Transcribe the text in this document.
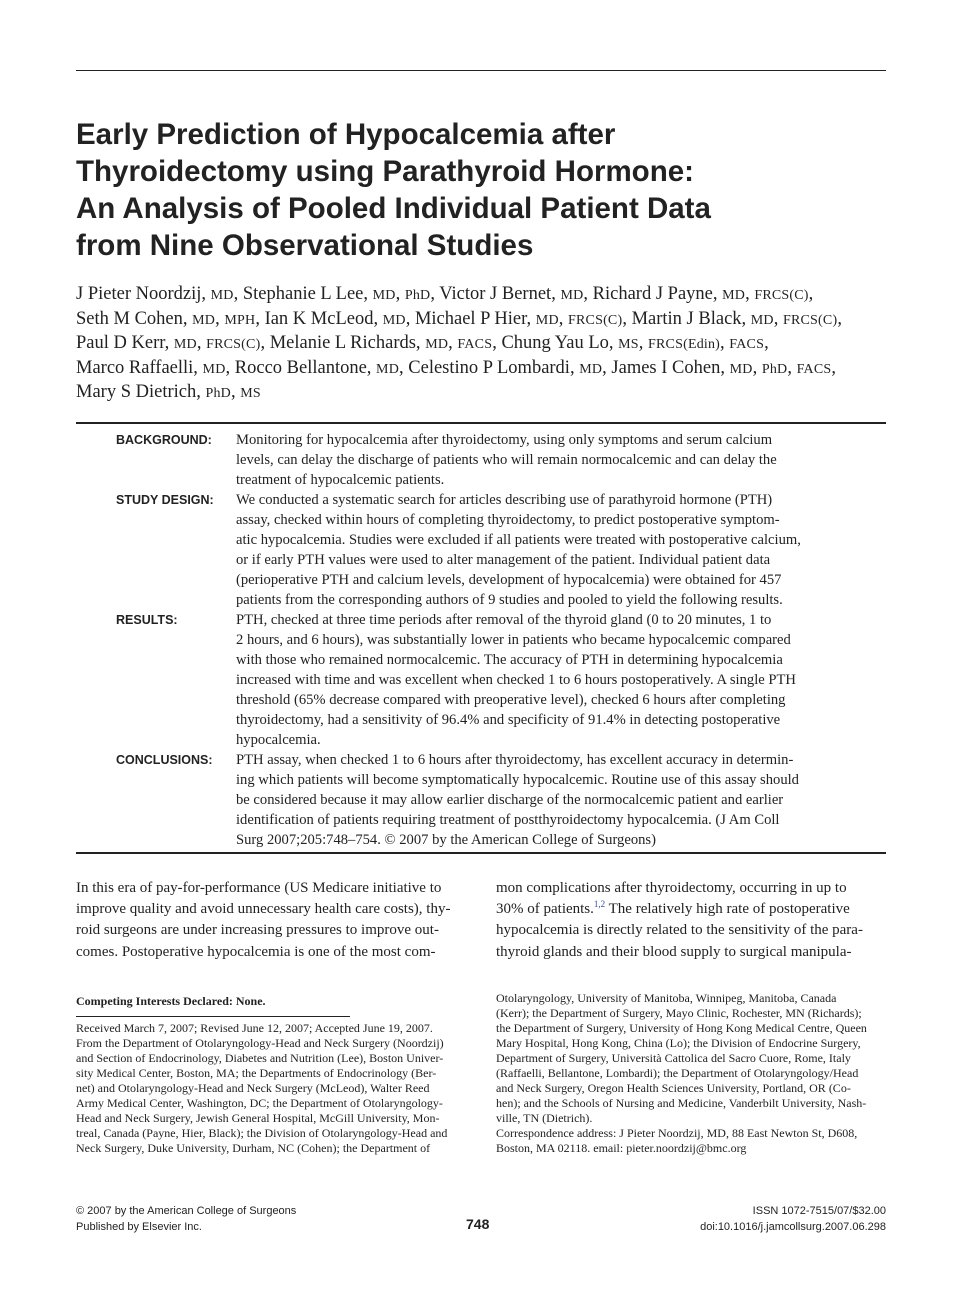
Early Prediction of Hypocalcemia after
Thyroidectomy using Parathyroid Hormone:
An Analysis of Pooled Individual Patient Data
from Nine Observational Studies
J Pieter Noordzij, MD, Stephanie L Lee, MD, PhD, Victor J Bernet, MD, Richard J Payne, MD, FRCS(C),
Seth M Cohen, MD, MPH, Ian K McLeod, MD, Michael P Hier, MD, FRCS(C), Martin J Black, MD, FRCS(C),
Paul D Kerr, MD, FRCS(C), Melanie L Richards, MD, FACS, Chung Yau Lo, MS, FRCS(Edin), FACS,
Marco Raffaelli, MD, Rocco Bellantone, MD, Celestino P Lombardi, MD, James I Cohen, MD, PhD, FACS,
Mary S Dietrich, PhD, MS
BACKGROUND: Monitoring for hypocalcemia after thyroidectomy, using only symptoms and serum calcium
levels, can delay the discharge of patients who will remain normocalcemic and can delay the
treatment of hypocalcemic patients.
STUDY DESIGN: We conducted a systematic search for articles describing use of parathyroid hormone (PTH)
assay, checked within hours of completing thyroidectomy, to predict postoperative symptom-
atic hypocalcemia. Studies were excluded if all patients were treated with postoperative calcium,
or if early PTH values were used to alter management of the patient. Individual patient data
(perioperative PTH and calcium levels, development of hypocalcemia) were obtained for 457
patients from the corresponding authors of 9 studies and pooled to yield the following results.
RESULTS:	PTH, checked at three time periods after removal of the thyroid gland (0 to 20 minutes, 1 to
2 hours, and 6 hours), was substantially lower in patients who became hypocalcemic compared
with those who remained normocalcemic. The accuracy of PTH in determining hypocalcemia
increased with time and was excellent when checked 1 to 6 hours postoperatively. A single PTH
threshold (65% decrease compared with preoperative level), checked 6 hours after completing
thyroidectomy, had a sensitivity of 96.4% and specificity of 91.4% in detecting postoperative
hypocalcemia.
CONCLUSIONS: PTH assay, when checked 1 to 6 hours after thyroidectomy, has excellent accuracy in determin-
ing which patients will become symptomatically hypocalcemic. Routine use of this assay should
be considered because it may allow earlier discharge of the normocalcemic patient and earlier
identification of patients requiring treatment of postthyroidectomy hypocalcemia. (J Am Coll
Surg 2007;205:748–754. © 2007 by the American College of Surgeons)
In this era of pay-for-performance (US Medicare initiative to
improve quality and avoid unnecessary health care costs), thy-
roid surgeons are under increasing pressures to improve out-
comes. Postoperative hypocalcemia is one of the most com-
mon complications after thyroidectomy, occurring in up to
30% of patients.$^{1,2}$ The relatively high rate of postoperative
hypocalcemia is directly related to the sensitivity of the para-
thyroid glands and their blood supply to surgical manipula-
Competing Interests Declared: None.
Received March 7, 2007; Revised June 12, 2007; Accepted June 19, 2007.
From the Department of Otolaryngology-Head and Neck Surgery (Noordzij)
and Section of Endocrinology, Diabetes and Nutrition (Lee), Boston Univer-
sity Medical Center, Boston, MA; the Departments of Endocrinology (Ber-
net) and Otolaryngology-Head and Neck Surgery (McLeod), Walter Reed
Army Medical Center, Washington, DC; the Department of Otolaryngology-
Head and Neck Surgery, Jewish General Hospital, McGill University, Mon-
treal, Canada (Payne, Hier, Black); the Division of Otolaryngology-Head and
Neck Surgery, Duke University, Durham, NC (Cohen); the Department of
Otolaryngology, University of Manitoba, Winnipeg, Manitoba, Canada
(Kerr); the Department of Surgery, Mayo Clinic, Rochester, MN (Richards);
the Department of Surgery, University of Hong Kong Medical Centre, Queen
Mary Hospital, Hong Kong, China (Lo); the Division of Endocrine Surgery,
Department of Surgery, Università Cattolica del Sacro Cuore, Rome, Italy
(Raffaelli, Bellantone, Lombardi); the Department of Otolaryngology/Head
and Neck Surgery, Oregon Health Sciences University, Portland, OR (Co-
hen); and the Schools of Nursing and Medicine, Vanderbilt University, Nash-
ville, TN (Dietrich).
Correspondence address: J Pieter Noordzij, MD, 88 East Newton St, D608,
Boston, MA 02118. email: pieter.noordzij@bmc.org
© 2007 by the American College of Surgeons
Published by Elsevier Inc.	748
ISSN 1072-7515/07/$32.00
doi:10.1016/j.jamcollsurg.2007.06.298
